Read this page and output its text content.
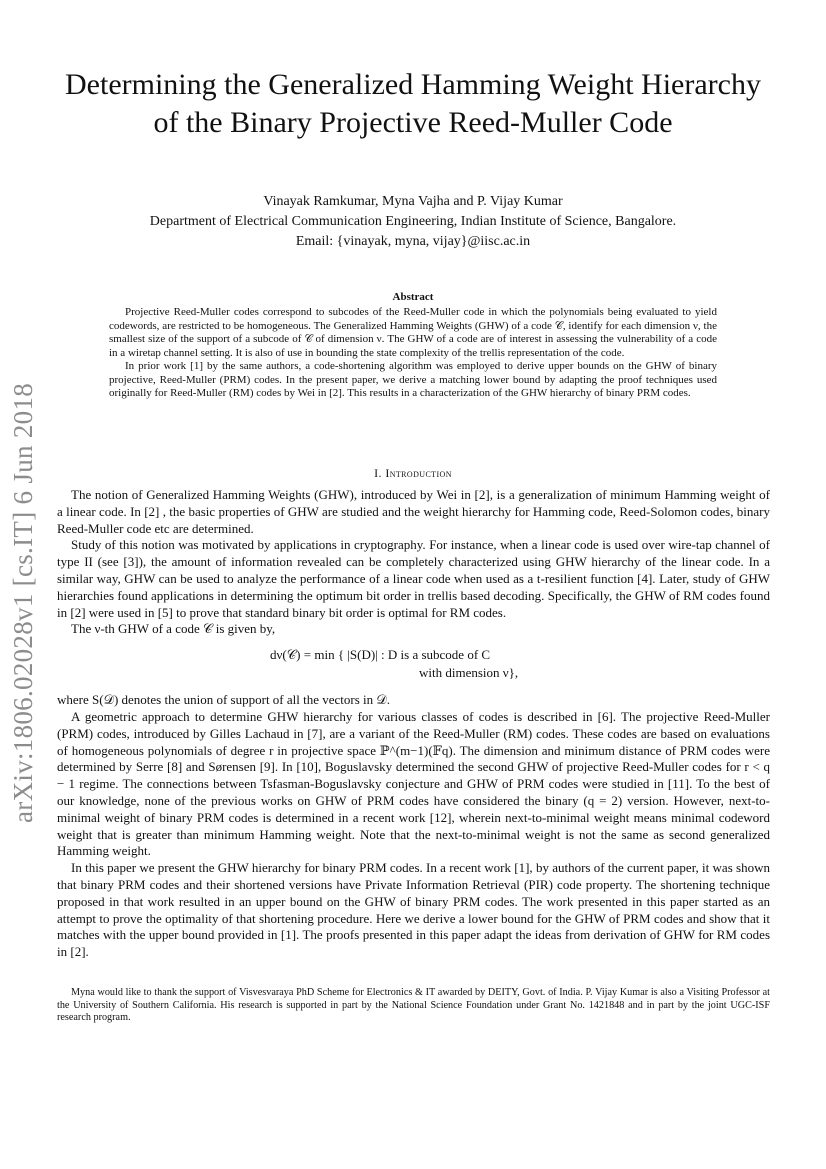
arXiv:1806.02028v1 [cs.IT] 6 Jun 2018
Determining the Generalized Hamming Weight Hierarchy of the Binary Projective Reed-Muller Code
Vinayak Ramkumar, Myna Vajha and P. Vijay Kumar
Department of Electrical Communication Engineering, Indian Institute of Science, Bangalore.
Email: {vinayak, myna, vijay}@iisc.ac.in
Abstract

Projective Reed-Muller codes correspond to subcodes of the Reed-Muller code in which the polynomials being evaluated to yield codewords, are restricted to be homogeneous. The Generalized Hamming Weights (GHW) of a code 𝒞, identify for each dimension ν, the smallest size of the support of a subcode of 𝒞 of dimension ν. The GHW of a code are of interest in assessing the vulnerability of a code in a wiretap channel setting. It is also of use in bounding the state complexity of the trellis representation of the code.

In prior work [1] by the same authors, a code-shortening algorithm was employed to derive upper bounds on the GHW of binary projective, Reed-Muller (PRM) codes. In the present paper, we derive a matching lower bound by adapting the proof techniques used originally for Reed-Muller (RM) codes by Wei in [2]. This results in a characterization of the GHW hierarchy of binary PRM codes.

I. Introduction

The notion of Generalized Hamming Weights (GHW), introduced by Wei in [2], is a generalization of minimum Hamming weight of a linear code. In [2] , the basic properties of GHW are studied and the weight hierarchy for Hamming code, Reed-Solomon codes, binary Reed-Muller code etc are determined.

Study of this notion was motivated by applications in cryptography. For instance, when a linear code is used over wire-tap channel of type II (see [3]), the amount of information revealed can be completely characterized using GHW hierarchy of the linear code. In a similar way, GHW can be used to analyze the performance of a linear code when used as a t-resilient function [4]. Later, study of GHW hierarchies found applications in determining the optimum bit order in trellis based decoding. Specifically, the GHW of RM codes found in [2] were used in [5] to prove that standard binary bit order is optimal for RM codes.

The ν-th GHW of a code 𝒞 is given by,

dν(𝒞) = min { |S(D)| : D is a subcode of C
with dimension ν},

where S(𝒟) denotes the union of support of all the vectors in 𝒟.

A geometric approach to determine GHW hierarchy for various classes of codes is described in [6]. The projective Reed-Muller (PRM) codes, introduced by Gilles Lachaud in [7], are a variant of the Reed-Muller (RM) codes. These codes are based on evaluations of homogeneous polynomials of degree r in projective space ℙ^(m−1)(𝔽q). The dimension and minimum distance of PRM codes were determined by Serre [8] and Sørensen [9]. In [10], Boguslavsky determined the second GHW of projective Reed-Muller codes for r < q − 1 regime. The connections between Tsfasman-Boguslavsky conjecture and GHW of PRM codes were studied in [11]. To the best of our knowledge, none of the previous works on GHW of PRM codes have considered the binary (q = 2) version. However, next-to-minimal weight of binary PRM codes is determined in a recent work [12], wherein next-to-minimal weight means minimal codeword weight that is greater than minimum Hamming weight. Note that the next-to-minimal weight is not the same as second generalized Hamming weight.

In this paper we present the GHW hierarchy for binary PRM codes. In a recent work [1], by authors of the current paper, it was shown that binary PRM codes and their shortened versions have Private Information Retrieval (PIR) code property. The shortening technique proposed in that work resulted in an upper bound on the GHW of binary PRM codes. The work presented in this paper started as an attempt to prove the optimality of that shortening procedure. Here we derive a lower bound for the GHW of PRM codes and show that it matches with the upper bound provided in [1]. The proofs presented in this paper adapt the ideas from derivation of GHW for RM codes in [2].

Myna would like to thank the support of Visvesvaraya PhD Scheme for Electronics & IT awarded by DEITY, Govt. of India. P. Vijay Kumar is also a Visiting Professor at the University of Southern California. His research is supported in part by the National Science Foundation under Grant No. 1421848 and in part by the joint UGC-ISF research program.
